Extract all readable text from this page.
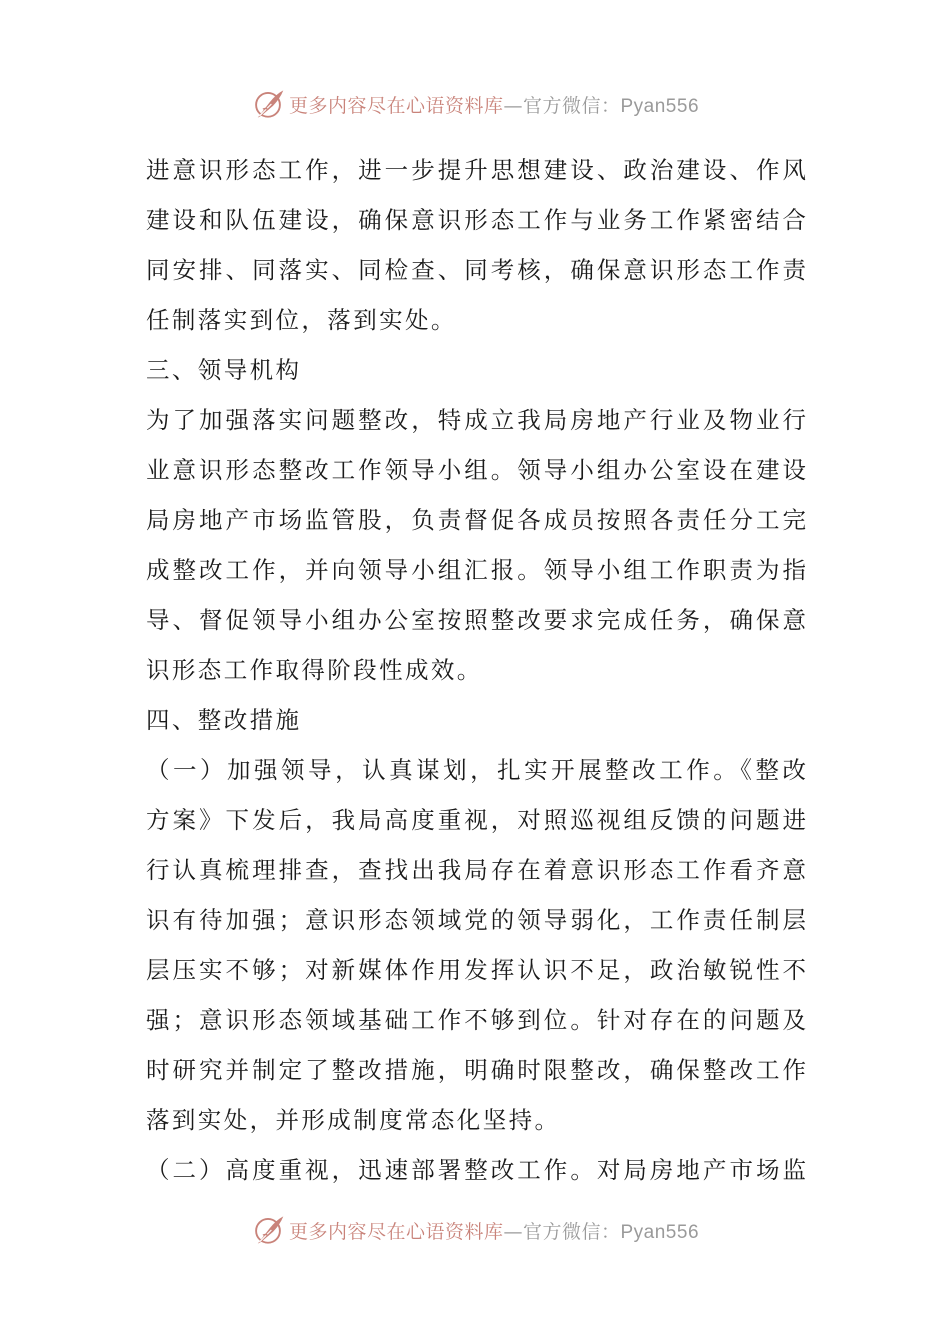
更多内容尽在心语资料库—官方微信：Pyan556
进意识形态工作，进一步提升思想建设、政治建设、作风
建设和队伍建设，确保意识形态工作与业务工作紧密结合
同安排、同落实、同检查、同考核，确保意识形态工作责
任制落实到位，落到实处。
三、领导机构
为了加强落实问题整改，特成立我局房地产行业及物业行
业意识形态整改工作领导小组。领导小组办公室设在建设
局房地产市场监管股，负责督促各成员按照各责任分工完
成整改工作，并向领导小组汇报。领导小组工作职责为指
导、督促领导小组办公室按照整改要求完成任务，确保意
识形态工作取得阶段性成效。
四、整改措施
（一）加强领导，认真谋划，扎实开展整改工作。《整改
方案》下发后，我局高度重视，对照巡视组反馈的问题进
行认真梳理排查，查找出我局存在着意识形态工作看齐意
识有待加强；意识形态领域党的领导弱化，工作责任制层
层压实不够；对新媒体作用发挥认识不足，政治敏锐性不
强；意识形态领域基础工作不够到位。针对存在的问题及
时研究并制定了整改措施，明确时限整改，确保整改工作
落到实处，并形成制度常态化坚持。
（二）高度重视，迅速部署整改工作。对局房地产市场监
更多内容尽在心语资料库—官方微信：Pyan556
